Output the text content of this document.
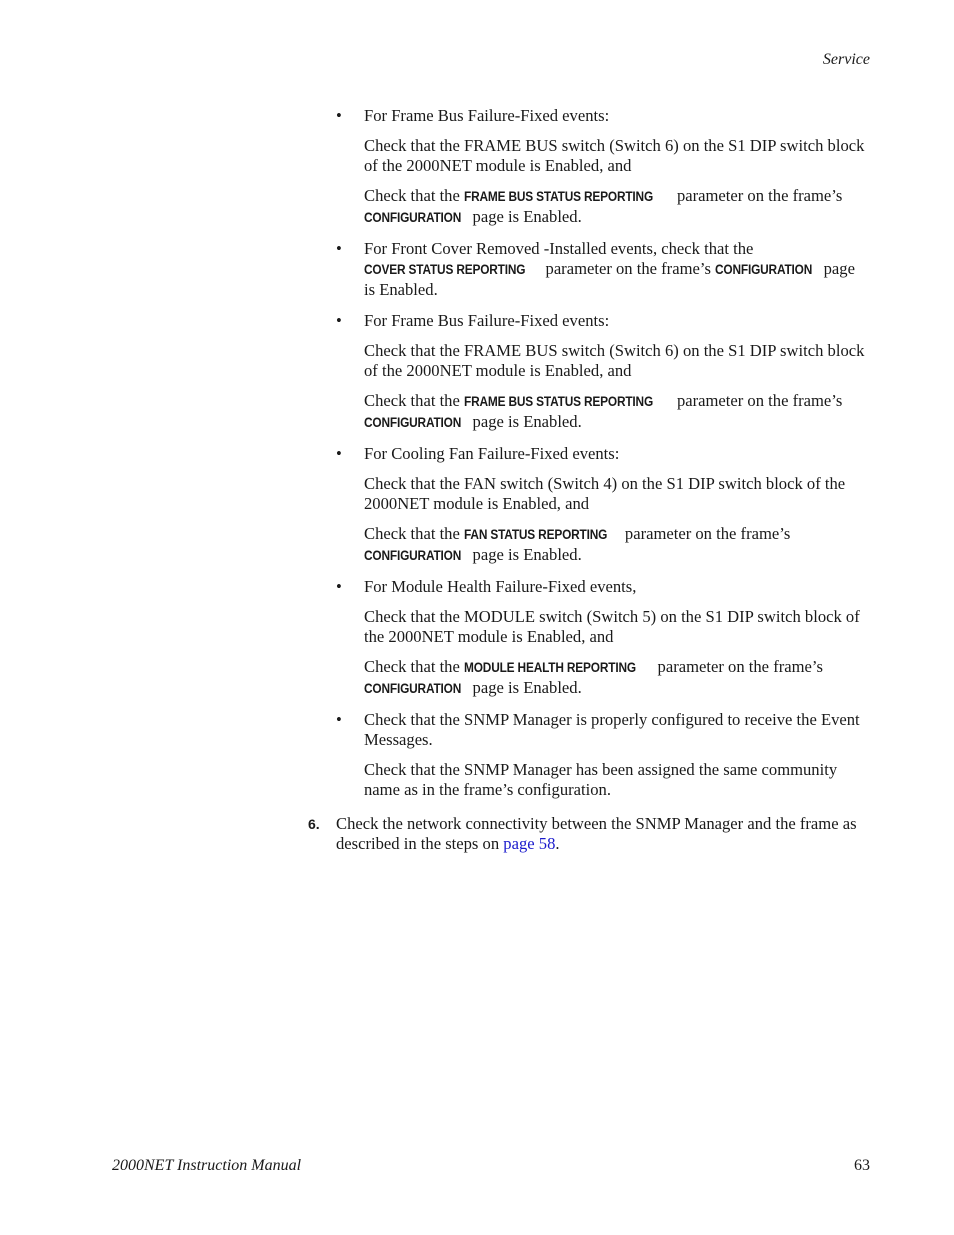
Service
• For Frame Bus Failure-Fixed events:

Check that the FRAME BUS switch (Switch 6) on the S1 DIP switch block of the 2000NET module is Enabled, and

Check that the FRAME BUS STATUS REPORTING parameter on the frame’s CONFIGURATION page is Enabled.

• For Front Cover Removed -Installed events, check that the COVER STATUS REPORTING parameter on the frame’s CONFIGURATION page is Enabled.

• For Frame Bus Failure-Fixed events:

Check that the FRAME BUS switch (Switch 6) on the S1 DIP switch block of the 2000NET module is Enabled, and

Check that the FRAME BUS STATUS REPORTING parameter on the frame’s CONFIGURATION page is Enabled.

• For Cooling Fan Failure-Fixed events:

Check that the FAN switch (Switch 4) on the S1 DIP switch block of the 2000NET module is Enabled, and

Check that the FAN STATUS REPORTING parameter on the frame’s CONFIGURATION page is Enabled.

• For Module Health Failure-Fixed events,

Check that the MODULE switch (Switch 5) on the S1 DIP switch block of the 2000NET module is Enabled, and

Check that the MODULE HEALTH REPORTING parameter on the frame’s CONFIGURATION page is Enabled.

• Check that the SNMP Manager is properly configured to receive the Event Messages.

Check that the SNMP Manager has been assigned the same community name as in the frame’s configuration.

6. Check the network connectivity between the SNMP Manager and the frame as described in the steps on page 58.
2000NET Instruction Manual	63
